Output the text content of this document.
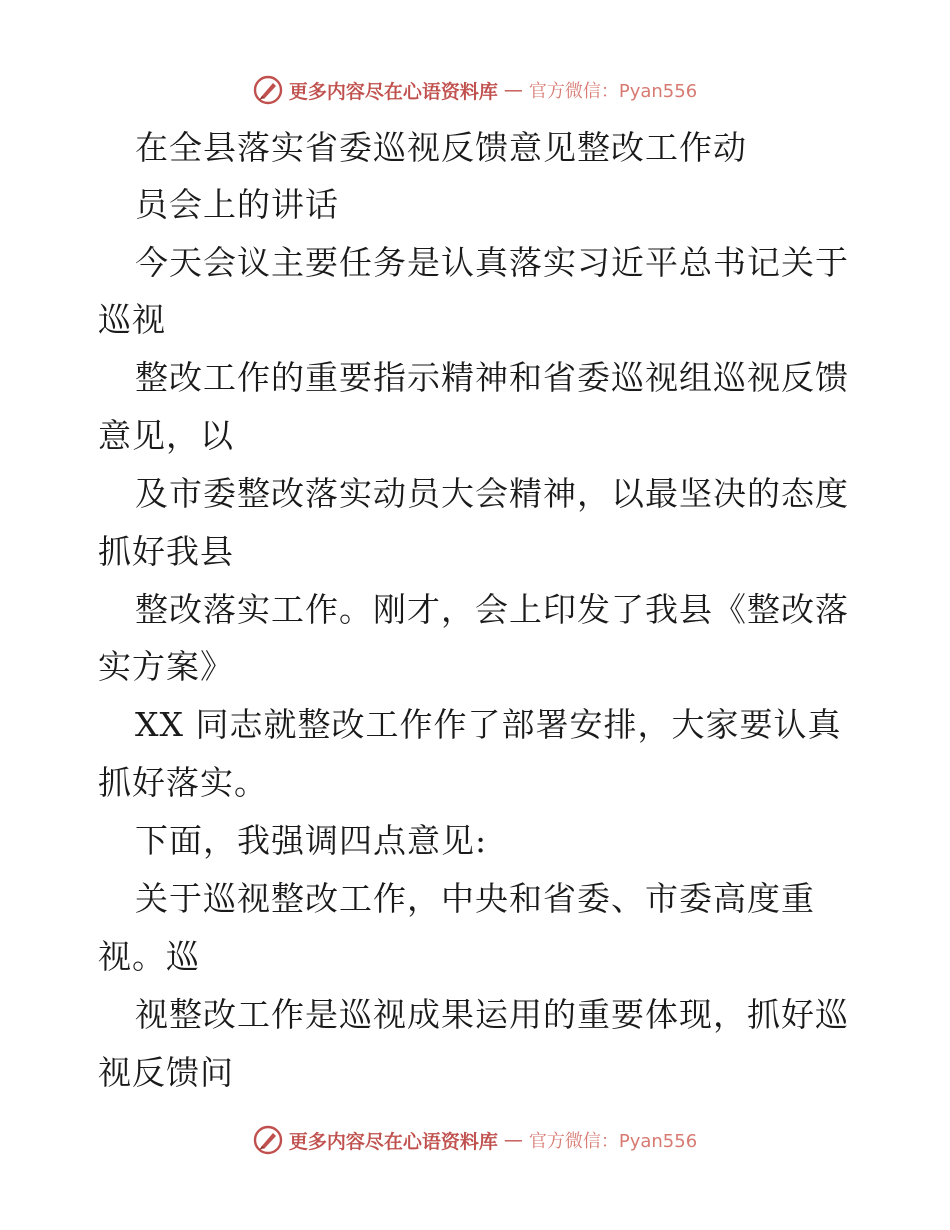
更多内容尽在心语资料库 — 官方微信：Pyan556
在全县落实省委巡视反馈意见整改工作动
员会上的讲话
今天会议主要任务是认真落实习近平总书记关于
巡视
整改工作的重要指示精神和省委巡视组巡视反馈
意见，以
及市委整改落实动员大会精神，以最坚决的态度
抓好我县
整改落实工作。刚才，会上印发了我县《整改落
实方案》
XX 同志就整改工作作了部署安排，大家要认真
抓好落实。
下面，我强调四点意见:
关于巡视整改工作，中央和省委、市委高度重
视。巡
视整改工作是巡视成果运用的重要体现，抓好巡
视反馈问
更多内容尽在心语资料库 — 官方微信：Pyan556
